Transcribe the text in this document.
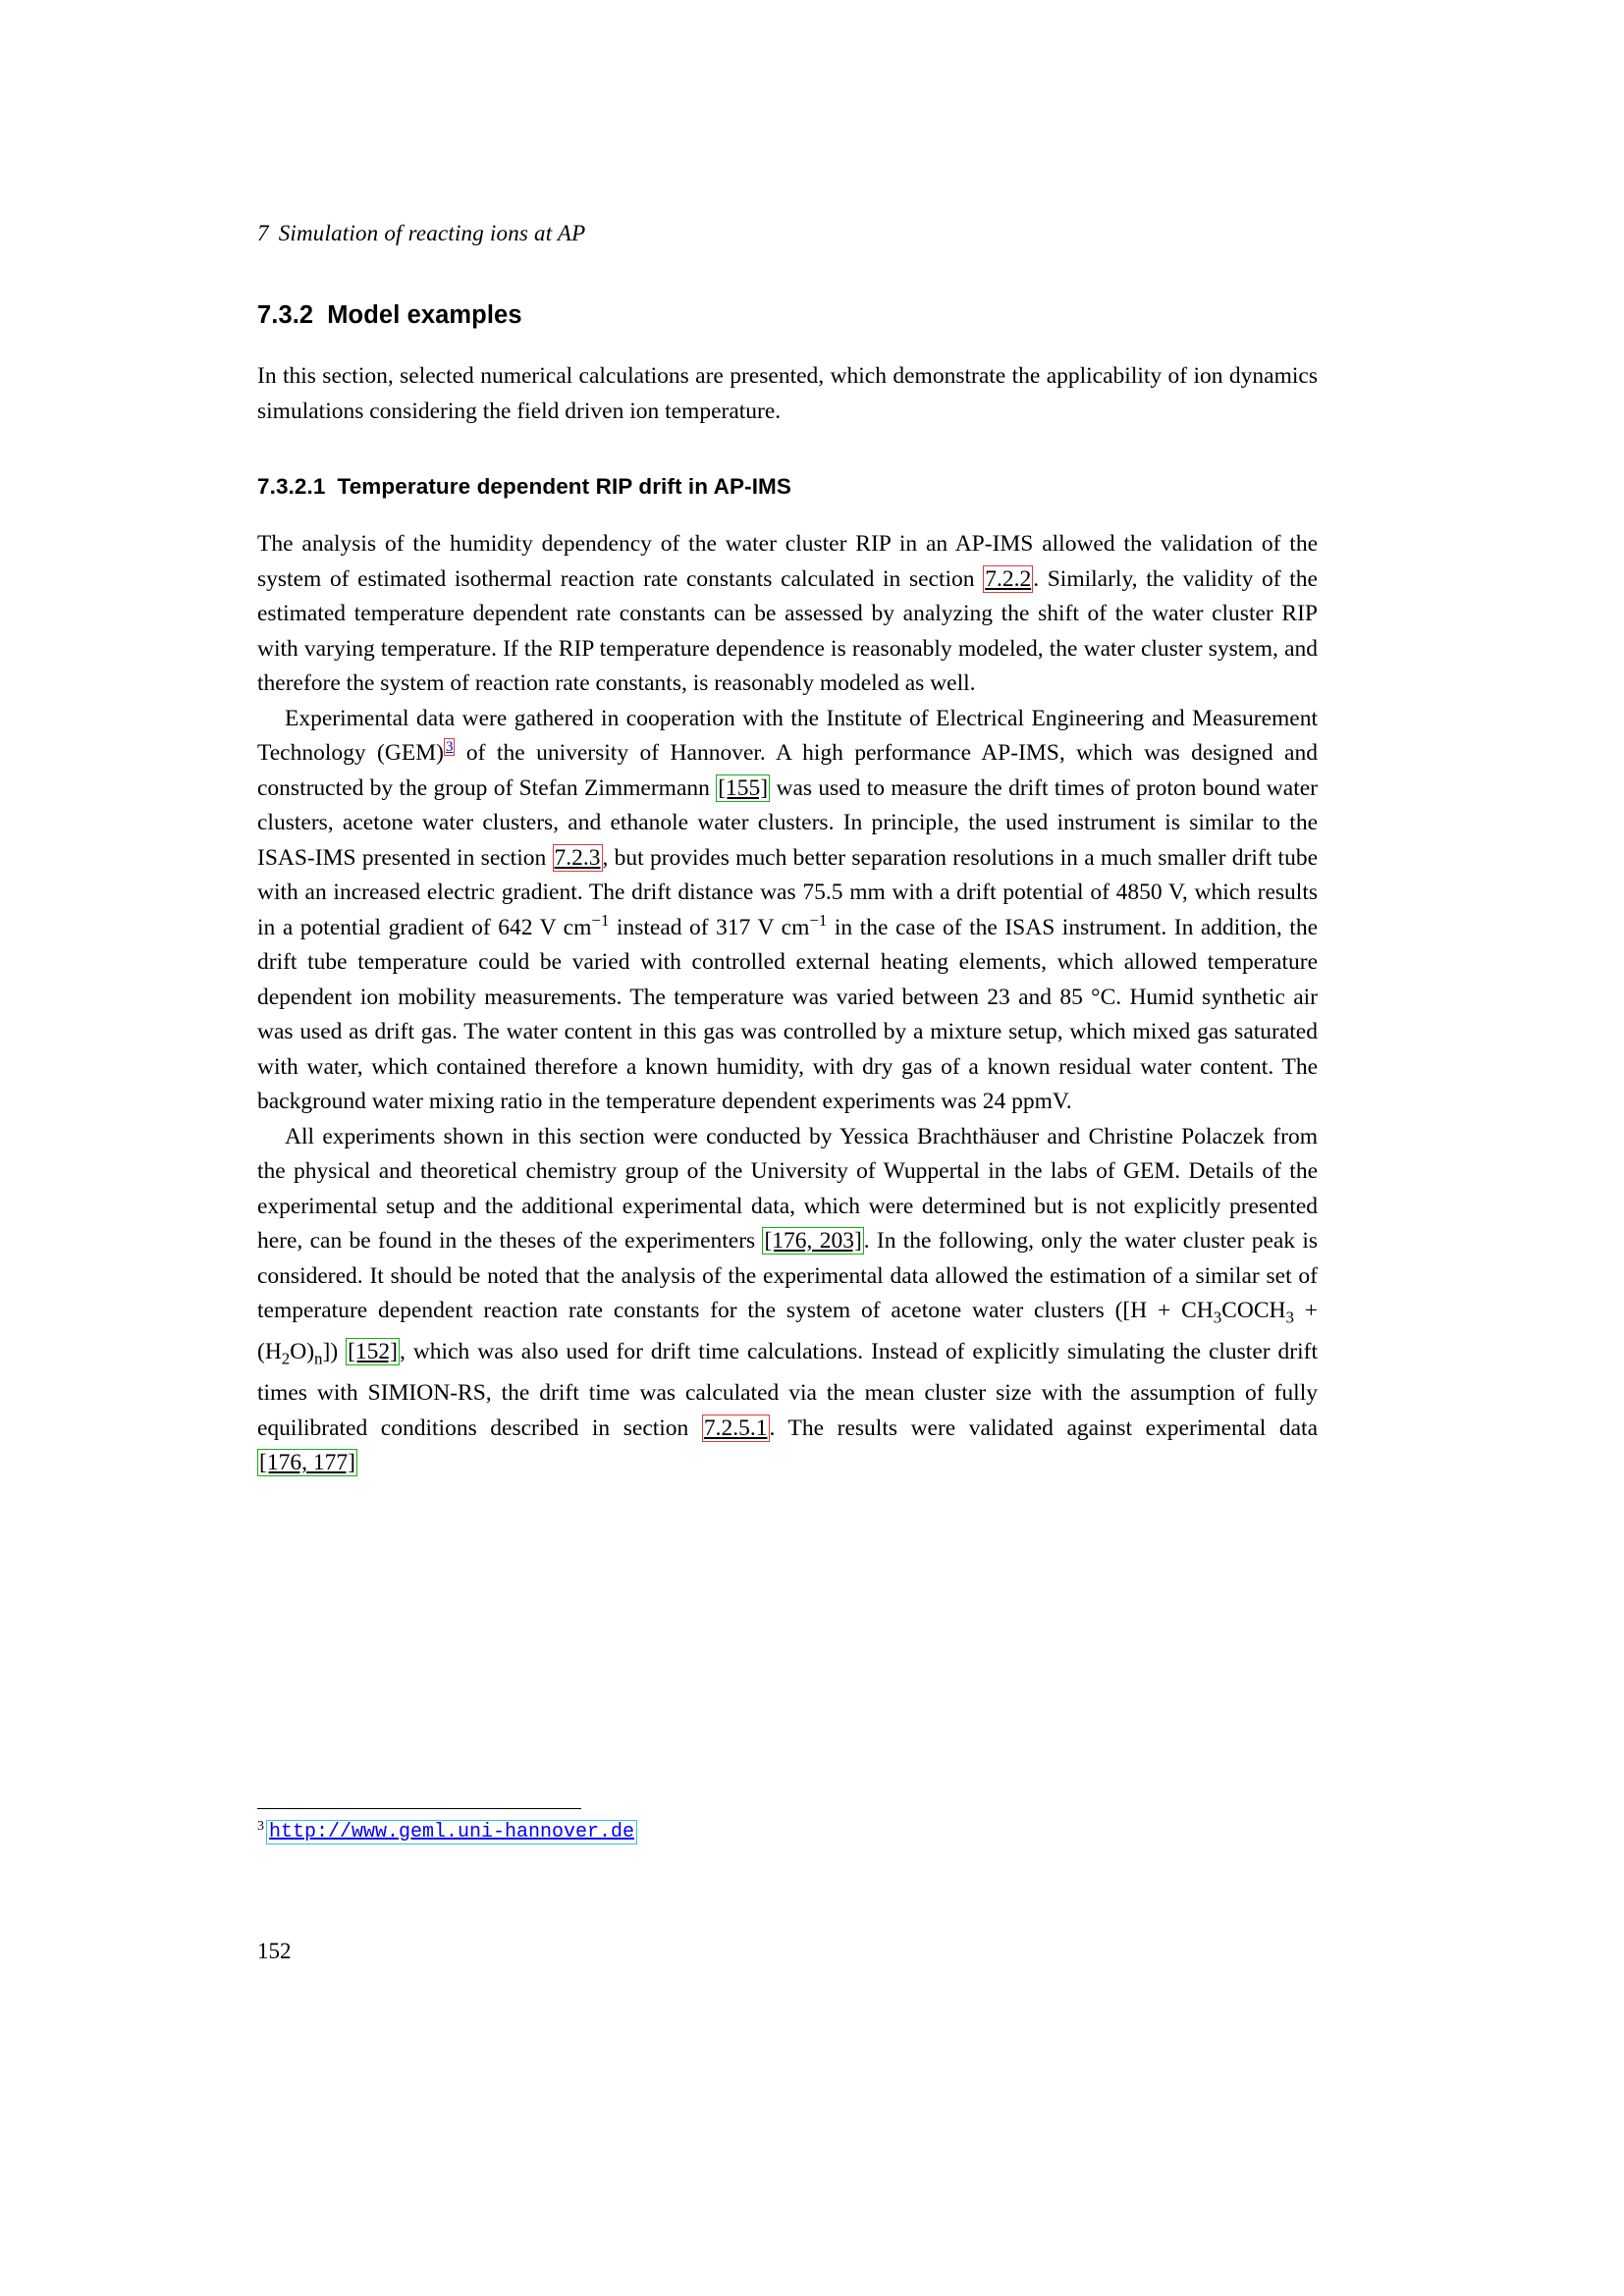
7 Simulation of reacting ions at AP
7.3.2 Model examples

In this section, selected numerical calculations are presented, which demonstrate the applicability of ion dynamics simulations considering the field driven ion temperature.

7.3.2.1 Temperature dependent RIP drift in AP-IMS

The analysis of the humidity dependency of the water cluster RIP in an AP-IMS allowed the validation of the system of estimated isothermal reaction rate constants calculated in section 7.2.2. Similarly, the validity of the estimated temperature dependent rate constants can be assessed by analyzing the shift of the water cluster RIP with varying temperature. If the RIP temperature dependence is reasonably modeled, the water cluster system, and therefore the system of reaction rate constants, is reasonably modeled as well.

Experimental data were gathered in cooperation with the Institute of Electrical Engineering and Measurement Technology (GEM) $^3$ of the university of Hannover. A high performance AP-IMS, which was designed and constructed by the group of Stefan Zimmermann [155] was used to measure the drift times of proton bound water clusters, acetone water clusters, and ethanole water clusters. In principle, the used instrument is similar to the ISAS-IMS presented in section 7.2.3, but provides much better separation resolutions in a much smaller drift tube with an increased electric gradient. The drift distance was 75.5 mm with a drift potential of 4850 V, which results in a potential gradient of 642 V $cm^{-1}$ instead of 317 V $cm^{-1}$ in the case of the ISAS instrument. In addition, the drift tube temperature could be varied with controlled external heating elements, which allowed temperature dependent ion mobility measurements. The temperature was varied between 23 and 85 °C. Humid synthetic air was used as drift gas. The water content in this gas was controlled by a mixture setup, which mixed gas saturated with water, which contained therefore a known humidity, with dry gas of a known residual water content. The background water mixing ratio in the temperature dependent experiments was 24 ppmV.

All experiments shown in this section were conducted by Yessica Brachthäuser and Christine Polaczek from the physical and theoretical chemistry group of the University of Wuppertal in the labs of GEM. Details of the experimental setup and the additional experimental data, which were determined but is not explicitly presented here, can be found in the theses of the experimenters [176, 203]. In the following, only the water cluster peak is considered. It should be noted that the analysis of the experimental data allowed the estimation of a similar set of temperature dependent reaction rate constants for the system of acetone water clusters $([H + CH_3COCH_3 + (H_2O)_n])$ [152], which was also used for drift time calculations. Instead of explicitly simulating the cluster drift times with SIMION-RS, the drift time was calculated via the mean cluster size with the assumption of fully equilibrated conditions described in section 7.2.5.1. The results were validated against experimental data [176, 177]

$^3$ http://www.geml.uni-hannover.de
152
